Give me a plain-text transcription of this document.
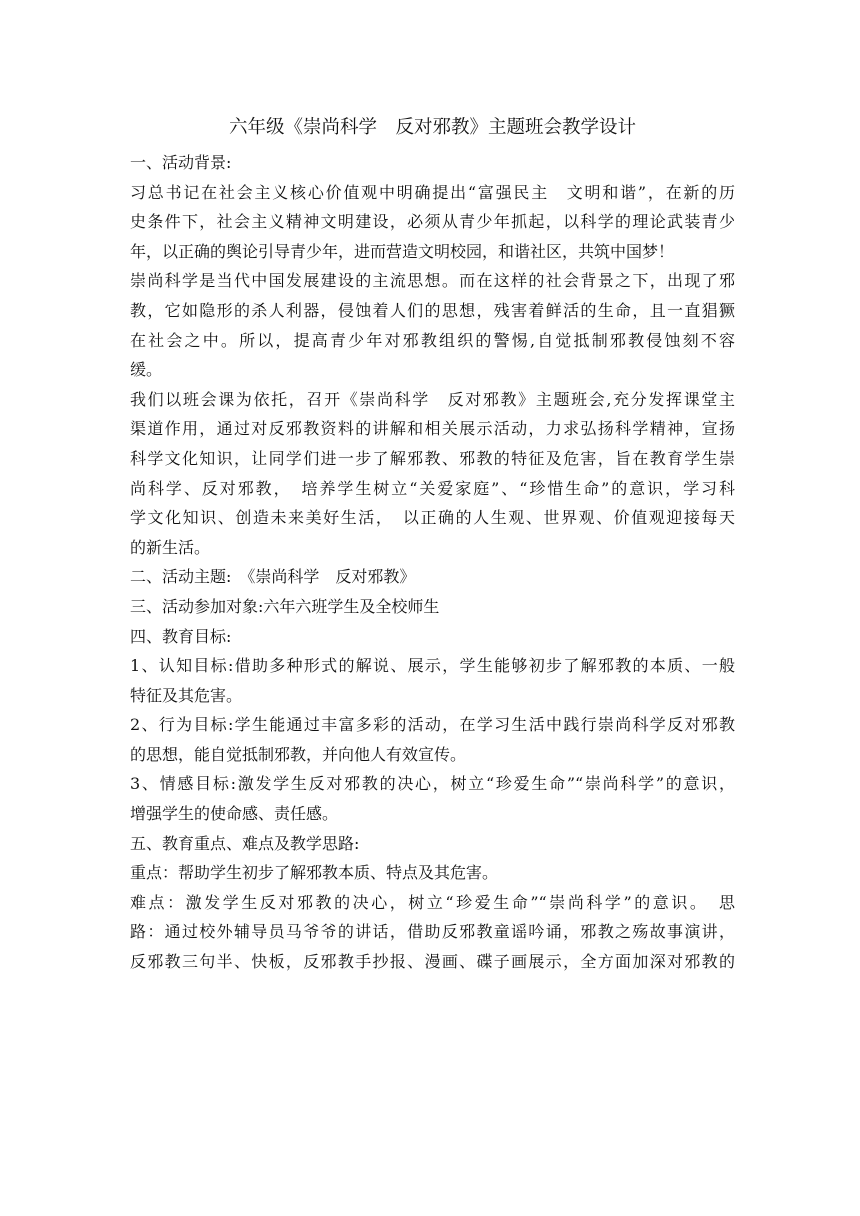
六年级《崇尚科学　反对邪教》主题班会教学设计

一、活动背景:

习总书记在社会主义核心价值观中明确提出“富强民主　文明和谐”，在新的历

史条件下，社会主义精神文明建设，必须从青少年抓起，以科学的理论武装青少

年，以正确的舆论引导青少年，进而营造文明校园，和谐社区，共筑中国梦！

崇尚科学是当代中国发展建设的主流思想。而在这样的社会背景之下，出现了邪

教，它如隐形的杀人利器，侵蚀着人们的思想，残害着鲜活的生命，且一直猖獗

在社会之中。所以，提高青少年对邪教组织的警惕,自觉抵制邪教侵蚀刻不容

缓。

我们以班会课为依托，召开《崇尚科学　反对邪教》主题班会,充分发挥课堂主

渠道作用，通过对反邪教资料的讲解和相关展示活动，力求弘扬科学精神，宣扬

科学文化知识，让同学们进一步了解邪教、邪教的特征及危害，旨在教育学生崇

尚科学、反对邪教，　培养学生树立“关爱家庭”、“珍惜生命”的意识，学习科

学文化知识、创造未来美好生活，　以正确的人生观、世界观、价值观迎接每天

的新生活。

二、活动主题:　《崇尚科学　反对邪教》

三、活动参加对象:六年六班学生及全校师生

四、教育目标:

1、认知目标:借助多种形式的解说、展示，学生能够初步了解邪教的本质、一般

特征及其危害。

2、行为目标:学生能通过丰富多彩的活动，在学习生活中践行崇尚科学反对邪教

的思想，能自觉抵制邪教，并向他人有效宣传。

3、情感目标:激发学生反对邪教的决心，树立“珍爱生命”“崇尚科学”的意识，

增强学生的使命感、责任感。

五、教育重点、难点及教学思路:

重点：帮助学生初步了解邪教本质、特点及其危害。

难点：激发学生反对邪教的决心，树立“珍爱生命”“崇尚科学”的意识。　思

路：通过校外辅导员马爷爷的讲话，借助反邪教童谣吟诵，邪教之殇故事演讲，

反邪教三句半、快板，反邪教手抄报、漫画、碟子画展示，全方面加深对邪教的
